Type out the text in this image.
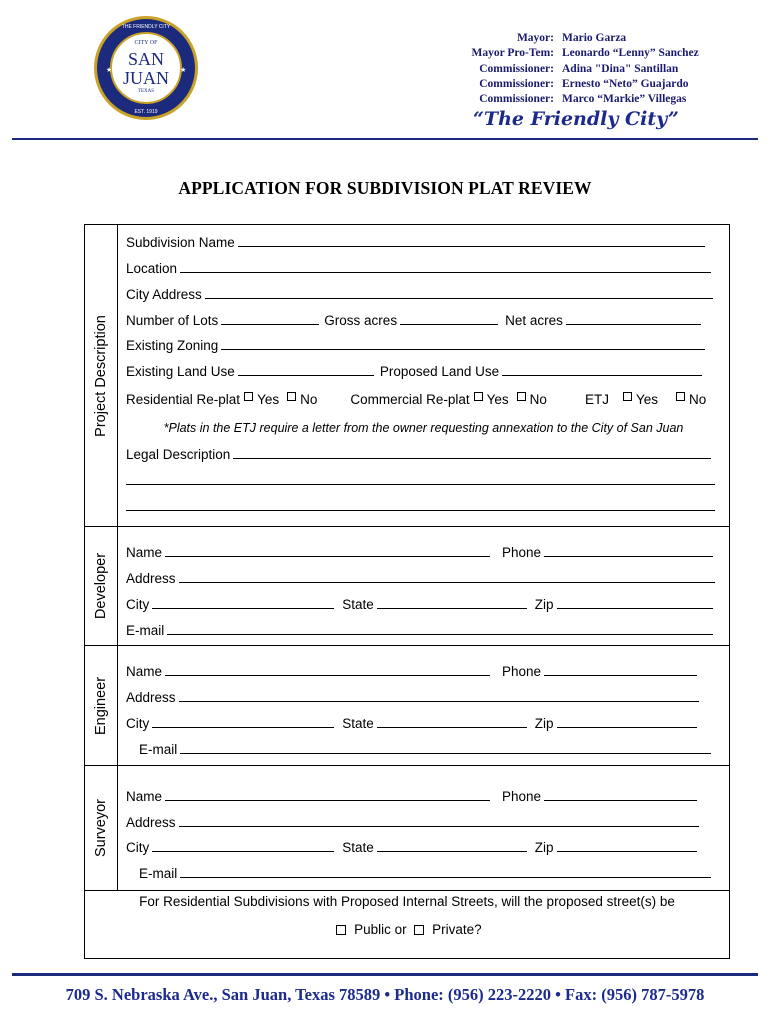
CITY OF
SAN
JUAN
TEXAS
EST. 1919
THE FRIENDLY CITY
★	★
Mayor: Mario Garza
Mayor Pro-Tem: Leonardo “Lenny” Sanchez
Commissioner: Adina "Dina" Santillan
Commissioner: Ernesto “Neto” Guajardo
Commissioner: Marco “Markie” Villegas
“The Friendly City”
APPLICATION FOR SUBDIVISION PLAT REVIEW
Project Description
Subdivision Name
Location
City Address
Number of Lots	Gross acres	Net acres
Existing Zoning
Existing Land Use	Proposed Land Use
Residential Re-plat Yes No Commercial Re-plat Yes No	ETJ Yes No
*Plats in the ETJ require a letter from the owner requesting annexation to the City of San Juan
Legal Description
Developer
Name	Phone
Address
City	State	Zip
E-mail
Engineer
Name	Phone
Address
City	State	Zip
E-mail
Surveyor
Name	Phone
Address
City	State	Zip
E-mail
For Residential Subdivisions with Proposed Internal Streets, will the proposed street(s) be
Public or Private?
709 S. Nebraska Ave., San Juan, Texas 78589 • Phone: (956) 223-2220 • Fax: (956) 787-5978
